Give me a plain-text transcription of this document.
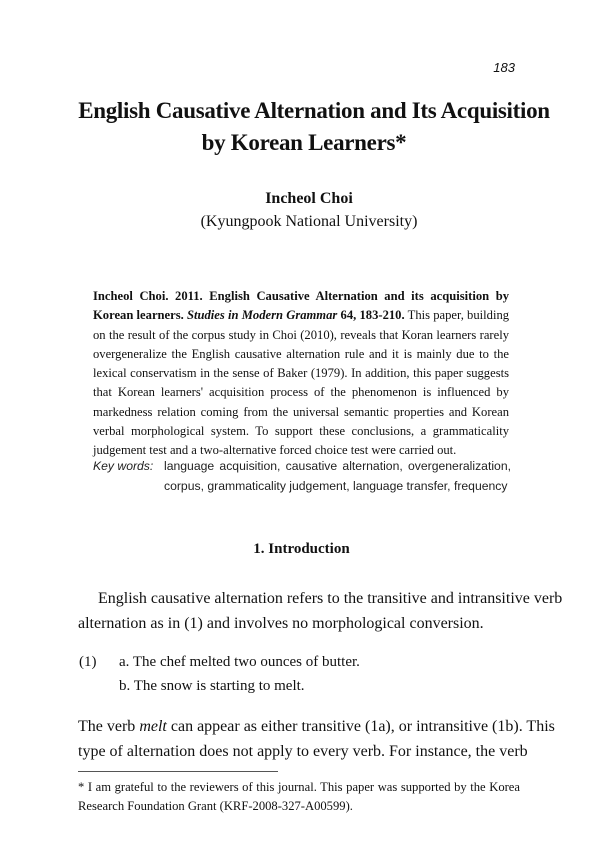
183
English Causative Alternation and Its Acquisition
by Korean Learners*
Incheol Choi
(Kyungpook National University)
Incheol Choi. 2011. English Causative Alternation and its acquisition by Korean learners. Studies in Modern Grammar 64, 183-210. This paper, building on the result of the corpus study in Choi (2010), reveals that Koran learners rarely overgeneralize the English causative alternation rule and it is mainly due to the lexical conservatism in the sense of Baker (1979). In addition, this paper suggests that Korean learners' acquisition process of the phenomenon is influenced by markedness relation coming from the universal semantic properties and Korean verbal morphological system. To support these conclusions, a grammaticality judgement test and a two-alternative forced choice test were carried out.
Key words: language acquisition, causative alternation, overgeneralization,
corpus, grammaticality judgement, language transfer, frequency
1. Introduction
English causative alternation refers to the transitive and intransitive verb
alternation as in (1) and involves no morphological conversion.
(1) a. The chef melted two ounces of butter.
b. The snow is starting to melt.
The verb melt can appear as either transitive (1a), or intransitive (1b). This
type of alternation does not apply to every verb. For instance, the verb
* I am grateful to the reviewers of this journal. This paper was supported by the Korea Research Foundation Grant (KRF-2008-327-A00599).
